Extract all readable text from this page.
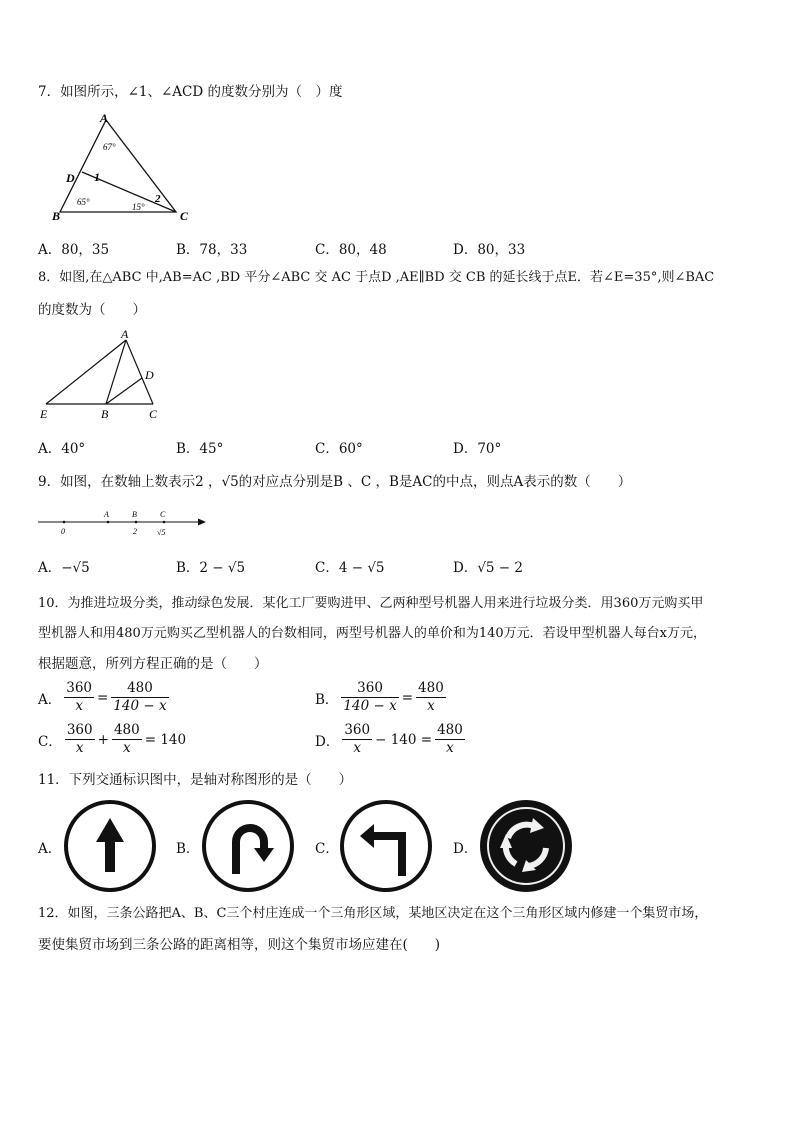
7．如图所示，∠1、∠ACD 的度数分别为（　）度
A
D
B	C
1
2
67°
65°	15°
A．80，35	B．78，33	C．80，48	D．80，33
8．如图,在△ABC 中,AB=AC ,BD 平分∠ABC 交 AC 于点D ,AE∥BD 交 CB 的延长线于点E．若∠E=35°,则∠BAC
的度数为（　　）
A
D
E	B	C
A．40°	B．45°	C．60°	D．70°
9．如图，在数轴上数表示2 ，√5的对应点分别是B 、C ，B是AC的中点，则点A表示的数（　　）
A	B	C
0	2	√5
A．−√5	B．2 − √5	C．4 − √5	D．√5 − 2
10．为推进垃圾分类，推动绿色发展．某化工厂要购进甲、乙两种型号机器人用来进行垃圾分类．用360万元购买甲
型机器人和用480万元购买乙型机器人的台数相同，两型号机器人的单价和为140万元．若设甲型机器人每台x万元，
根据题意，所列方程正确的是（　　）
A． $\frac{360}{x} = \frac{480}{140 - x}$	B． $\frac{360}{140 - x} = \frac{480}{x}$
C． $\frac{360}{x} + \frac{480}{x} = 140$	D． $\frac{360}{x} - 140 = \frac{480}{x}$
11．下列交通标识图中，是轴对称图形的是（　　）
A．	B．	C．	D．
12．如图，三条公路把A、B、C三个村庄连成一个三角形区域，某地区决定在这个三角形区域内修建一个集贸市场，
要使集贸市场到三条公路的距离相等，则这个集贸市场应建在(　　)
